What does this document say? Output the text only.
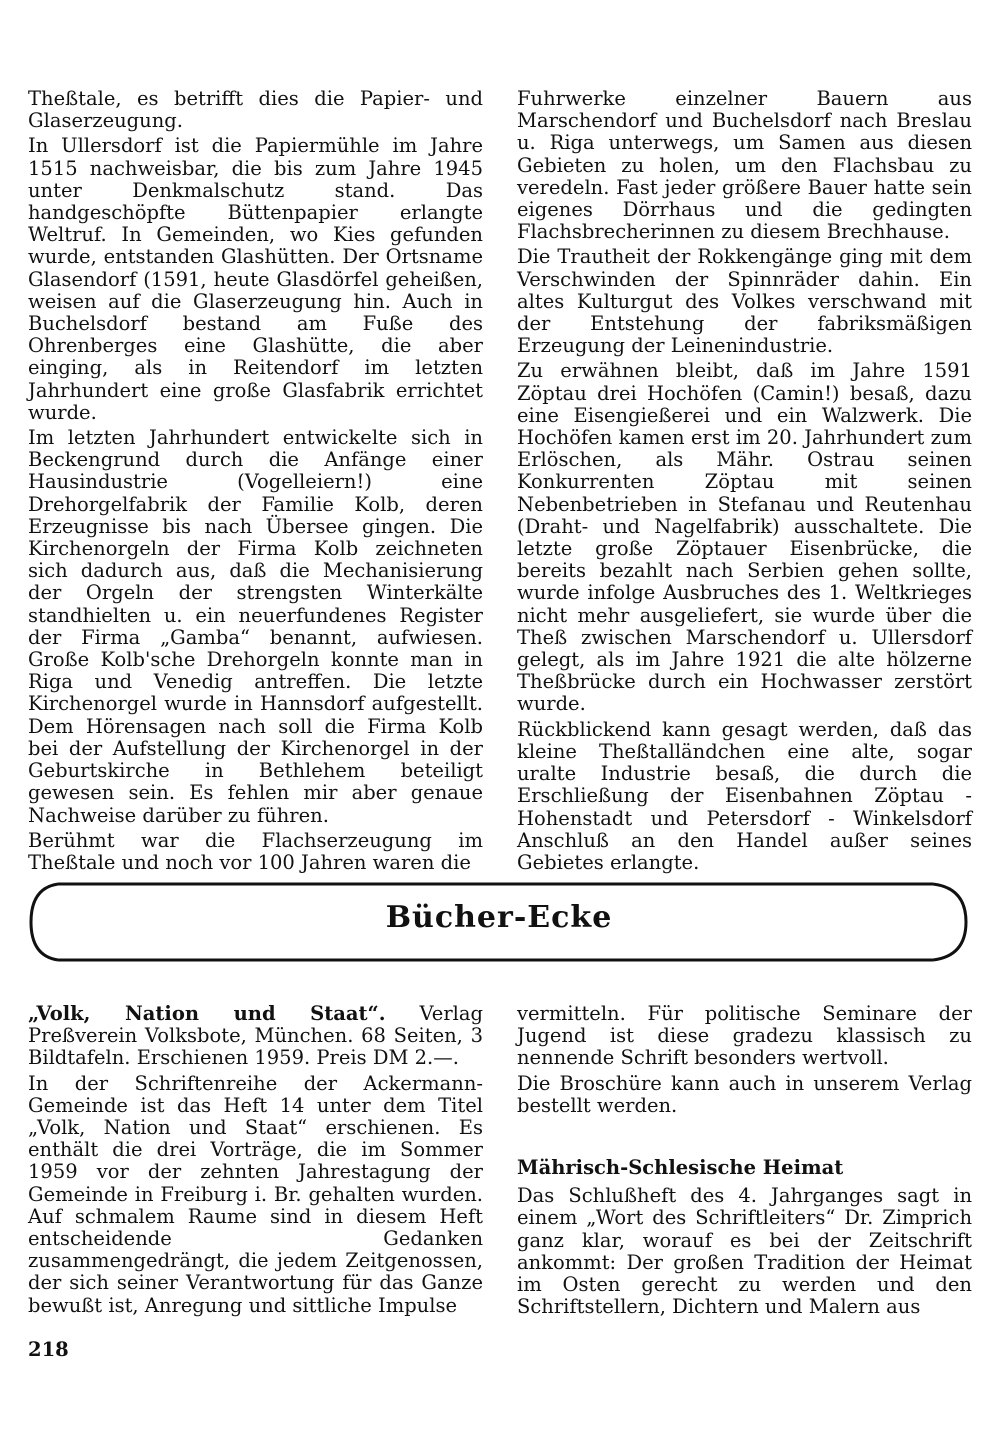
Theßtale, es betrifft dies die Papier- und Glaserzeugung.

In Ullersdorf ist die Papiermühle im Jahre 1515 nachweisbar, die bis zum Jahre 1945 unter Denkmalschutz stand. Das handgeschöpfte Büttenpapier erlangte Weltruf. In Gemeinden, wo Kies gefunden wurde, entstanden Glashütten. Der Ortsname Glasendorf (1591, heute Glasdörfel geheißen, weisen auf die Glaserzeugung hin. Auch in Buchelsdorf bestand am Fuße des Ohrenberges eine Glashütte, die aber einging, als in Reitendorf im letzten Jahrhundert eine große Glasfabrik errichtet wurde.

Im letzten Jahrhundert entwickelte sich in Beckengrund durch die Anfänge einer Hausindustrie (Vogelleiern!) eine Drehorgelfabrik der Familie Kolb, deren Erzeugnisse bis nach Übersee gingen. Die Kirchenorgeln der Firma Kolb zeichneten sich dadurch aus, daß die Mechanisierung der Orgeln der strengsten Winterkälte standhielten u. ein neuerfundenes Register der Firma „Gamba“ benannt, aufwiesen. Große Kolb'sche Drehorgeln konnte man in Riga und Venedig antreffen. Die letzte Kirchenorgel wurde in Hannsdorf aufgestellt. Dem Hörensagen nach soll die Firma Kolb bei der Aufstellung der Kirchenorgel in der Geburtskirche in Bethlehem beteiligt gewesen sein. Es fehlen mir aber genaue Nachweise darüber zu führen.

Berühmt war die Flachserzeugung im Theßtale und noch vor 100 Jahren waren die

Fuhrwerke einzelner Bauern aus Marschendorf und Buchelsdorf nach Breslau u. Riga unterwegs, um Samen aus diesen Gebieten zu holen, um den Flachsbau zu veredeln. Fast jeder größere Bauer hatte sein eigenes Dörrhaus und die gedingten Flachsbrecherinnen zu diesem Brechhause.

Die Trautheit der Rokkengänge ging mit dem Verschwinden der Spinnräder dahin. Ein altes Kulturgut des Volkes verschwand mit der Entstehung der fabriksmäßigen Erzeugung der Leinenindustrie.

Zu erwähnen bleibt, daß im Jahre 1591 Zöptau drei Hochöfen (Camin!) besaß, dazu eine Eisengießerei und ein Walzwerk. Die Hochöfen kamen erst im 20. Jahrhundert zum Erlöschen, als Mähr. Ostrau seinen Konkurrenten Zöptau mit seinen Nebenbetrieben in Stefanau und Reutenhau (Draht- und Nagelfabrik) ausschaltete. Die letzte große Zöptauer Eisenbrücke, die bereits bezahlt nach Serbien gehen sollte, wurde infolge Ausbruches des 1. Weltkrieges nicht mehr ausgeliefert, sie wurde über die Theß zwischen Marschendorf u. Ullersdorf gelegt, als im Jahre 1921 die alte hölzerne Theßbrücke durch ein Hochwasser zerstört wurde.

Rückblickend kann gesagt werden, daß das kleine Theßtalländchen eine alte, sogar uralte Industrie besaß, die durch die Erschließung der Eisenbahnen Zöptau - Hohenstadt und Petersdorf - Winkelsdorf Anschluß an den Handel außer seines Gebietes erlangte.

Bücher-Ecke

„Volk, Nation und Staat“. Verlag Preßverein Volksbote, München. 68 Seiten, 3 Bildtafeln. Erschienen 1959. Preis DM 2.—.

In der Schriftenreihe der Ackermann-Gemeinde ist das Heft 14 unter dem Titel „Volk, Nation und Staat“ erschienen. Es enthält die drei Vorträge, die im Sommer 1959 vor der zehnten Jahrestagung der Gemeinde in Freiburg i. Br. gehalten wurden. Auf schmalem Raume sind in diesem Heft entscheidende Gedanken zusammengedrängt, die jedem Zeitgenossen, der sich seiner Verantwortung für das Ganze bewußt ist, Anregung und sittliche Impulse

vermitteln. Für politische Seminare der Jugend ist diese gradezu klassisch zu nennende Schrift besonders wertvoll.

Die Broschüre kann auch in unserem Verlag bestellt werden.

Mährisch-Schlesische Heimat

Das Schlußheft des 4. Jahrganges sagt in einem „Wort des Schriftleiters“ Dr. Zimprich ganz klar, worauf es bei der Zeitschrift ankommt: Der großen Tradition der Heimat im Osten gerecht zu werden und den Schriftstellern, Dichtern und Malern aus

218
